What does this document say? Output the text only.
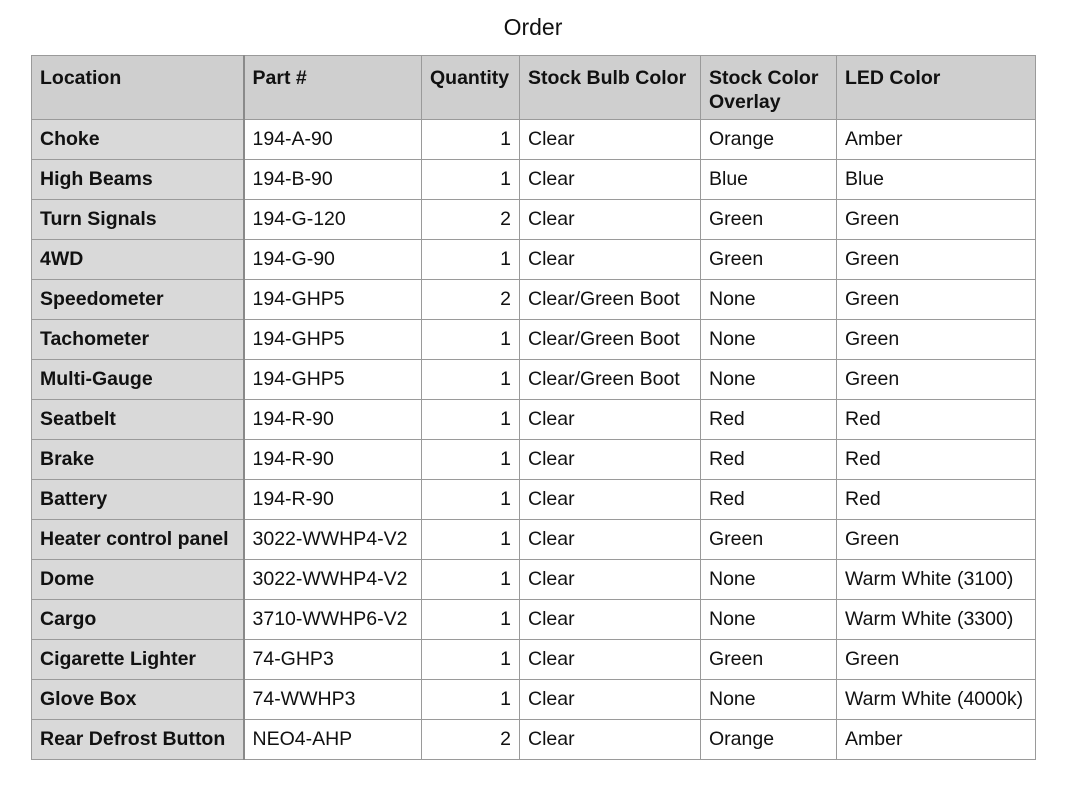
Order
Location	Part #	Quantity	Stock Bulb Color	Stock Color Overlay	LED Color
Choke	194-A-90	1	Clear	Orange	Amber
High Beams	194-B-90	1	Clear	Blue	Blue
Turn Signals	194-G-120	2	Clear	Green	Green
4WD	194-G-90	1	Clear	Green	Green
Speedometer	194-GHP5	2	Clear/Green Boot	None	Green
Tachometer	194-GHP5	1	Clear/Green Boot	None	Green
Multi-Gauge	194-GHP5	1	Clear/Green Boot	None	Green
Seatbelt	194-R-90	1	Clear	Red	Red
Brake	194-R-90	1	Clear	Red	Red
Battery	194-R-90	1	Clear	Red	Red
Heater control panel	3022-WWHP4-V2	1	Clear	Green	Green
Dome	3022-WWHP4-V2	1	Clear	None	Warm White (3100)
Cargo	3710-WWHP6-V2	1	Clear	None	Warm White (3300)
Cigarette Lighter	74-GHP3	1	Clear	Green	Green
Glove Box	74-WWHP3	1	Clear	None	Warm White (4000k)
Rear Defrost Button	NEO4-AHP	2	Clear	Orange	Amber
